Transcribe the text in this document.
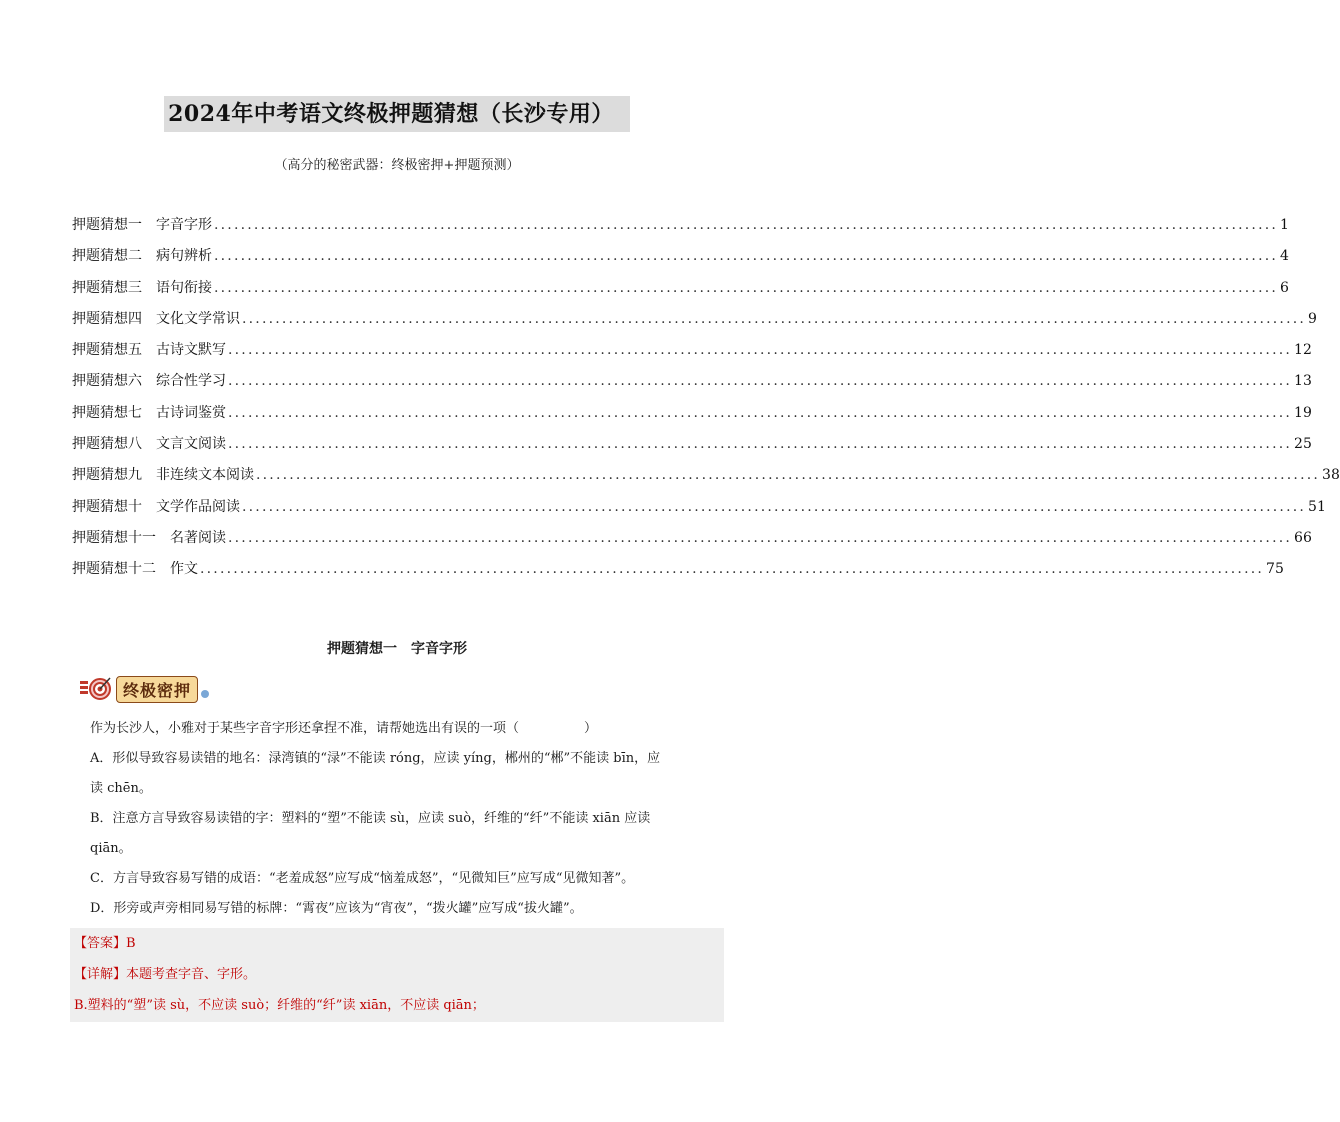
2024年中考语文终极押题猜想（长沙专用）
（高分的秘密武器：终极密押+押题预测）
押题猜想一 字音字形 ................................................................................................................................................................ 1
押题猜想二 病句辨析 ................................................................................................................................................................ 4
押题猜想三 语句衔接 ................................................................................................................................................................ 6
押题猜想四 文化文学常识 ................................................................................................................................................................ 9
押题猜想五 古诗文默写 ................................................................................................................................................................ 12
押题猜想六 综合性学习 ................................................................................................................................................................ 13
押题猜想七 古诗词鉴赏 ................................................................................................................................................................ 19
押题猜想八 文言文阅读 ................................................................................................................................................................ 25
押题猜想九 非连续文本阅读 ................................................................................................................................................................ 38
押题猜想十 文学作品阅读 ................................................................................................................................................................ 51
押题猜想十一 名著阅读 ................................................................................................................................................................ 66
押题猜想十二 作文 ................................................................................................................................................................ 75
押题猜想一　字音字形
终极密押
作为长沙人，小雅对于某些字音字形还拿捏不准，请帮她选出有误的一项（　　　　　）
A．形似导致容易读错的地名：渌湾镇的“渌”不能读 róng，应读 yíng，郴州的“郴”不能读 bīn，应
读 chēn。
B．注意方言导致容易读错的字：塑料的“塑”不能读 sù，应读 suò，纤维的“纤”不能读 xiān 应读
qiān。
C．方言导致容易写错的成语：“老羞成怒”应写成“恼羞成怒”，“见微知巨”应写成“见微知著”。
D．形旁或声旁相同易写错的标牌：“霄夜”应该为“宵夜”，“拨火罐”应写成“拔火罐”。
【答案】B
【详解】本题考查字音、字形。
B.塑料的“塑”读 sù，不应读 suò；纤维的“纤”读 xiān，不应读 qiān；
